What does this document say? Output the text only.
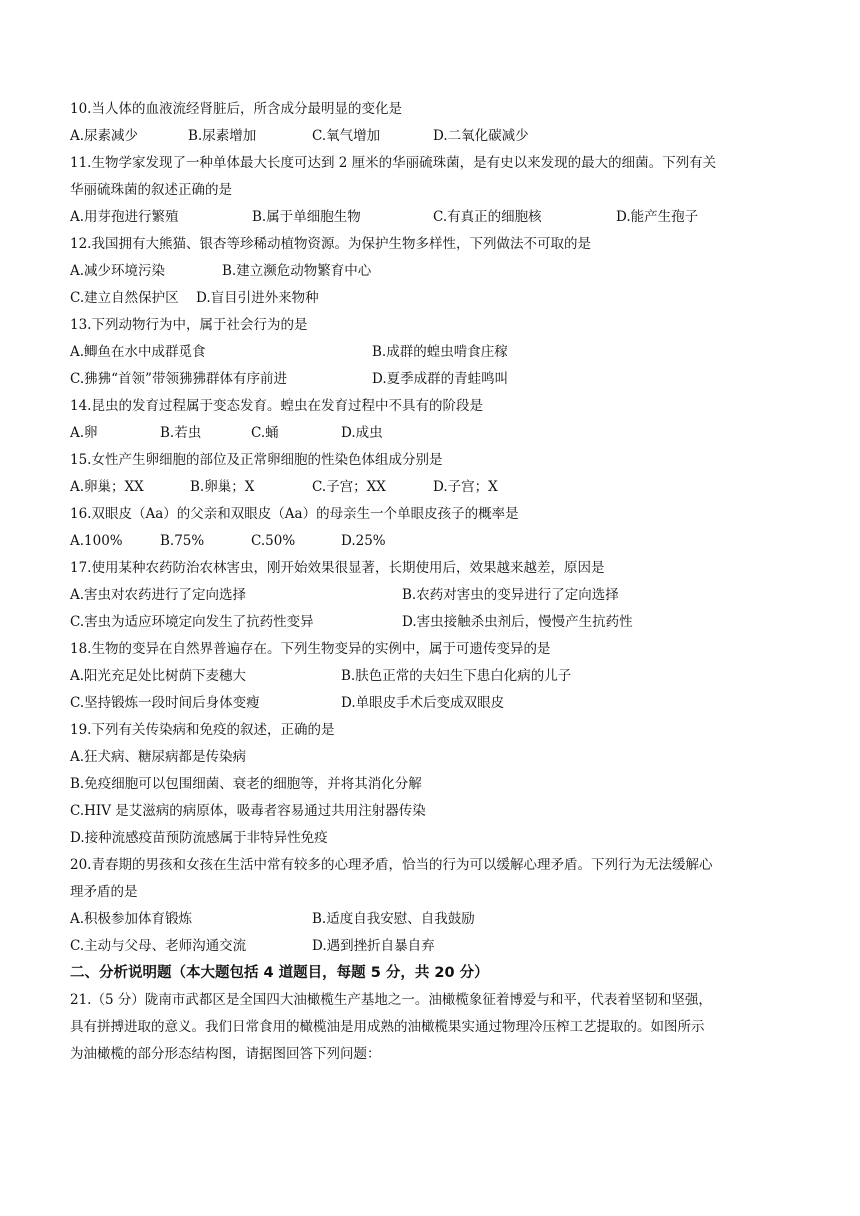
10.当人体的血液流经肾脏后，所含成分最明显的变化是
A.尿素减少	B.尿素增加	C.氧气增加	D.二氧化碳减少
11.生物学家发现了一种单体最大长度可达到 2 厘米的华丽硫珠菌，是有史以来发现的最大的细菌。下列有关
华丽硫珠菌的叙述正确的是
A.用芽孢进行繁殖	B.属于单细胞生物	C.有真正的细胞核	D.能产生孢子
12.我国拥有大熊猫、银杏等珍稀动植物资源。为保护生物多样性，下列做法不可取的是
A.减少环境污染	B.建立濒危动物繁育中心
C.建立自然保护区 D.盲目引进外来物种
13.下列动物行为中，属于社会行为的是
A.鲫鱼在水中成群觅食	B.成群的蝗虫啃食庄稼
C.狒狒“首领”带领狒狒群体有序前进	D.夏季成群的青蛙鸣叫
14.昆虫的发育过程属于变态发育。蝗虫在发育过程中不具有的阶段是
A.卵	B.若虫	C.蛹	D.成虫
15.女性产生卵细胞的部位及正常卵细胞的性染色体组成分别是
A.卵巢；XX	B.卵巢；X	C.子宫；XX	D.子宫；X
16.双眼皮（Aa）的父亲和双眼皮（Aa）的母亲生一个单眼皮孩子的概率是
A.100%	B.75%	C.50%	D.25%
17.使用某种农药防治农林害虫，刚开始效果很显著，长期使用后，效果越来越差，原因是
A.害虫对农药进行了定向选择	B.农药对害虫的变异进行了定向选择
C.害虫为适应环境定向发生了抗药性变异	D.害虫接触杀虫剂后，慢慢产生抗药性
18.生物的变异在自然界普遍存在。下列生物变异的实例中，属于可遗传变异的是
A.阳光充足处比树荫下麦穗大	B.肤色正常的夫妇生下患白化病的儿子
C.坚持锻炼一段时间后身体变瘦	D.单眼皮手术后变成双眼皮
19.下列有关传染病和免疫的叙述，正确的是
A.狂犬病、糖尿病都是传染病
B.免疫细胞可以包围细菌、衰老的细胞等，并将其消化分解
C.HIV 是艾滋病的病原体，吸毒者容易通过共用注射器传染
D.接种流感疫苗预防流感属于非特异性免疫
20.青春期的男孩和女孩在生活中常有较多的心理矛盾，恰当的行为可以缓解心理矛盾。下列行为无法缓解心
理矛盾的是
A.积极参加体育锻炼	B.适度自我安慰、自我鼓励
C.主动与父母、老师沟通交流	D.遇到挫折自暴自弃
二、分析说明题（本大题包括 4 道题目，每题 5 分，共 20 分）
21.（5 分）陇南市武都区是全国四大油橄榄生产基地之一。油橄榄象征着博爱与和平，代表着坚韧和坚强，
具有拼搏进取的意义。我们日常食用的橄榄油是用成熟的油橄榄果实通过物理冷压榨工艺提取的。如图所示
为油橄榄的部分形态结构图，请据图回答下列问题：
